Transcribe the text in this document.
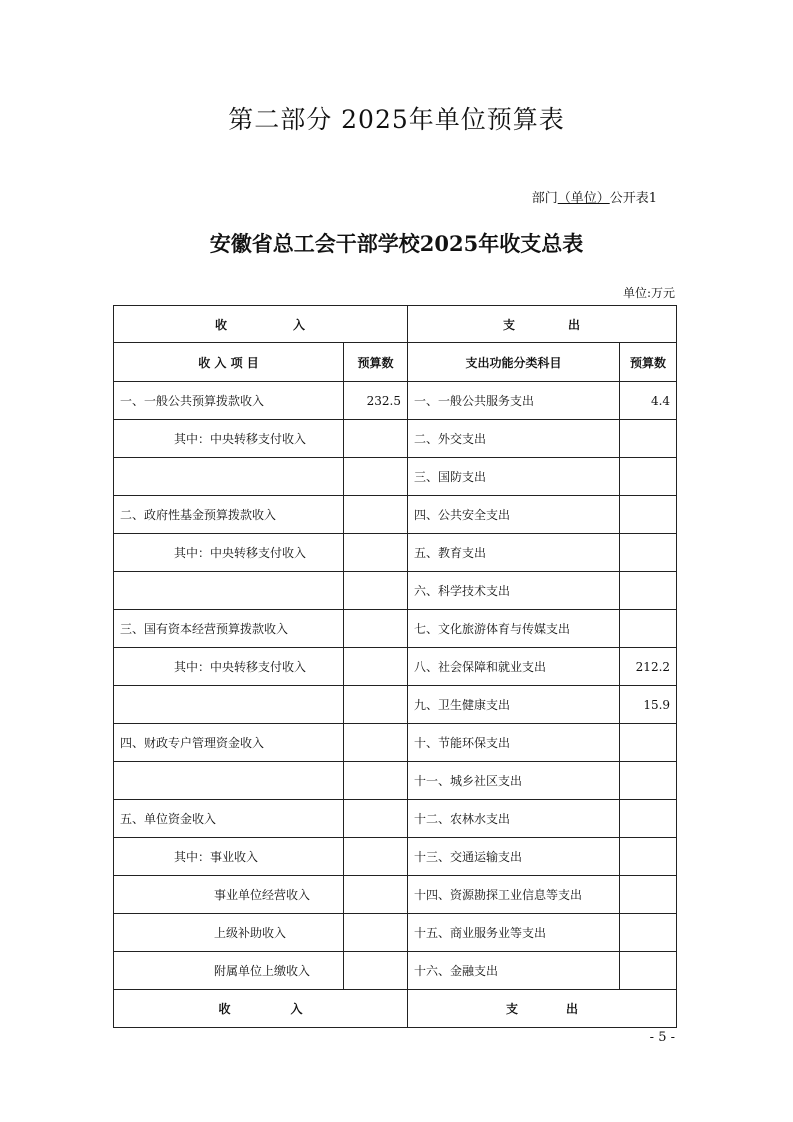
第二部分 2025年单位预算表
部门（单位）公开表1
安徽省总工会干部学校2025年收支总表
单位:万元
收　　　　　入		支　　　　出	
收 入 项 目	预算数	支出功能分类科目	预算数
一、一般公共预算拨款收入	232.5	一、一般公共服务支出	4.4
其中：中央转移支付收入		二、外交支出	
		三、国防支出	
二、政府性基金预算拨款收入		四、公共安全支出	
其中：中央转移支付收入		五、教育支出	
		六、科学技术支出	
三、国有资本经营预算拨款收入		七、文化旅游体育与传媒支出	
其中：中央转移支付收入		八、社会保障和就业支出	212.2
		九、卫生健康支出	15.9
四、财政专户管理资金收入		十、节能环保支出	
		十一、城乡社区支出	
五、单位资金收入		十二、农林水支出	
其中：事业收入		十三、交通运输支出	
事业单位经营收入		十四、资源勘探工业信息等支出	
上级补助收入		十五、商业服务业等支出	
附属单位上缴收入		十六、金融支出	
收　　　　　入		支　　　　出	
- 5 -
